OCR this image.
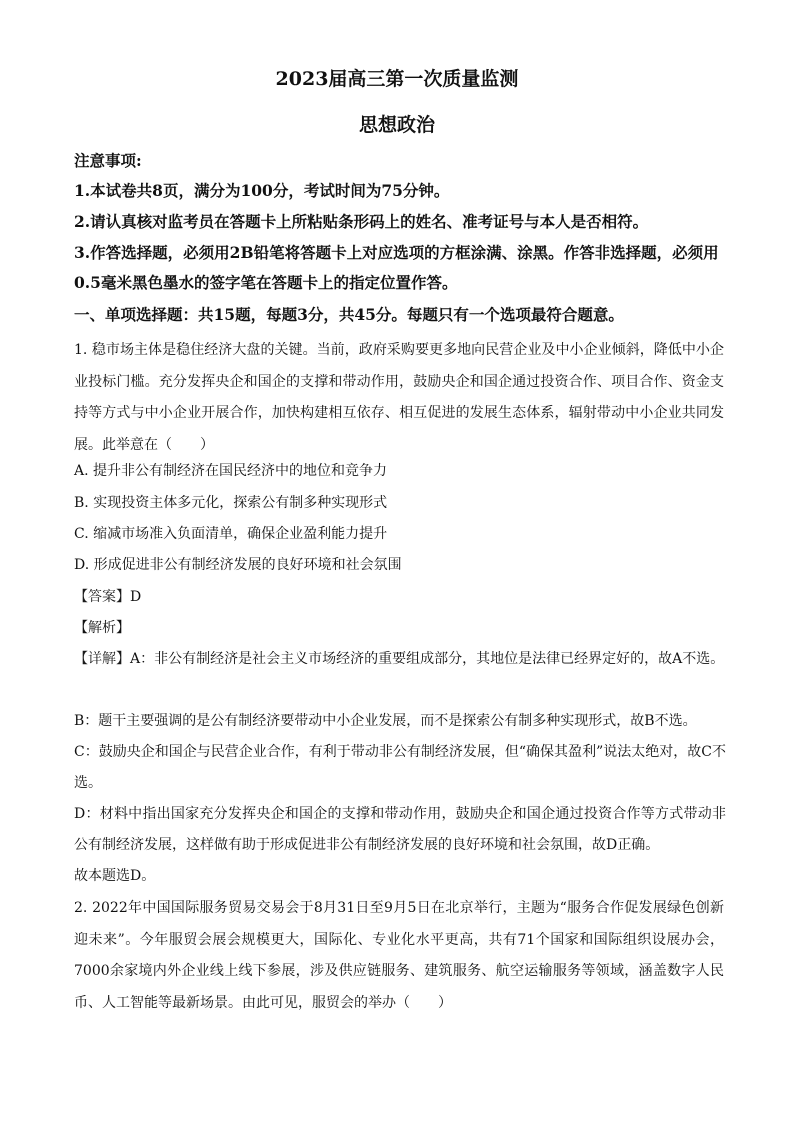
2023届高三第一次质量监测
思想政治
注意事项:
1.本试卷共8页，满分为100分，考试时间为75分钟。
2.请认真核对监考员在答题卡上所粘贴条形码上的姓名、准考证号与本人是否相符。
3.作答选择题，必须用2B铅笔将答题卡上对应选项的方框涂满、涂黑。作答非选择题，必须用0.5毫米黑色墨水的签字笔在答题卡上的指定位置作答。
一、单项选择题：共15题，每题3分，共45分。每题只有一个选项最符合题意。
1. 稳市场主体是稳住经济大盘的关键。当前，政府采购要更多地向民营企业及中小企业倾斜，降低中小企业投标门槛。充分发挥央企和国企的支撑和带动作用，鼓励央企和国企通过投资合作、项目合作、资金支持等方式与中小企业开展合作，加快构建相互依存、相互促进的发展生态体系，辐射带动中小企业共同发展。此举意在（　　）
A. 提升非公有制经济在国民经济中的地位和竞争力
B. 实现投资主体多元化，探索公有制多种实现形式
C. 缩减市场准入负面清单，确保企业盈利能力提升
D. 形成促进非公有制经济发展的良好环境和社会氛围
【答案】D
【解析】
【详解】A：非公有制经济是社会主义市场经济的重要组成部分，其地位是法律已经界定好的，故A不选。
B：题干主要强调的是公有制经济要带动中小企业发展，而不是探索公有制多种实现形式，故B不选。
C：鼓励央企和国企与民营企业合作，有利于带动非公有制经济发展，但“确保其盈利”说法太绝对，故C不选。
D：材料中指出国家充分发挥央企和国企的支撑和带动作用，鼓励央企和国企通过投资合作等方式带动非公有制经济发展，这样做有助于形成促进非公有制经济发展的良好环境和社会氛围，故D正确。
故本题选D。
2. 2022年中国国际服务贸易交易会于8月31日至9月5日在北京举行，主题为“服务合作促发展绿色创新迎未来”。今年服贸会展会规模更大，国际化、专业化水平更高，共有71个国家和国际组织设展办会，7000余家境内外企业线上线下参展，涉及供应链服务、建筑服务、航空运输服务等领域，涵盖数字人民币、人工智能等最新场景。由此可见，服贸会的举办（　　）
